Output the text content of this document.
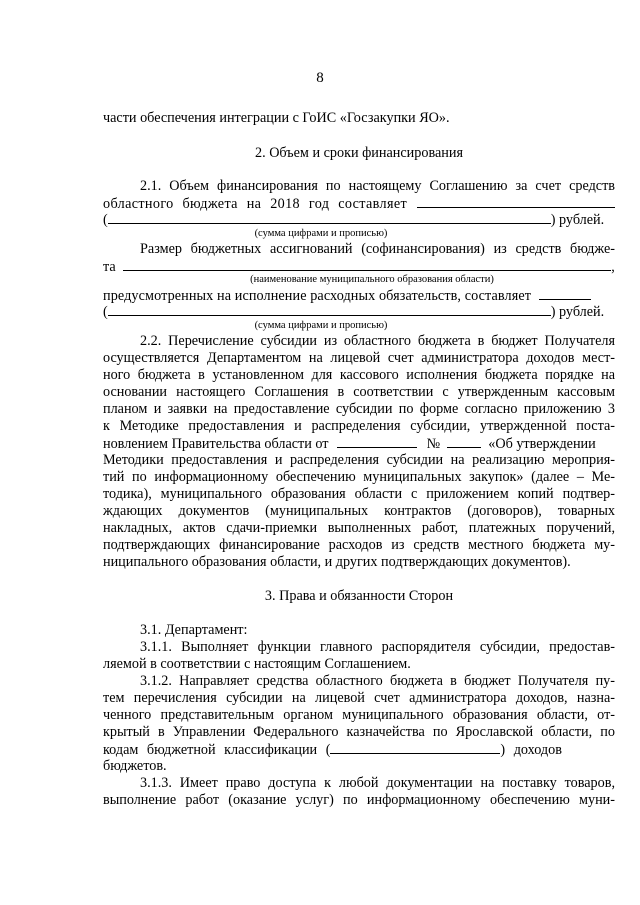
8
части обеспечения интеграции с ГоИС «Госзакупки ЯО».
2. Объем и сроки финансирования
2.1. Объем финансирования по настоящему Соглашению за счет средств
областного бюджета на 2018 год составляет
(	) рублей.
(сумма цифрами и прописью)
Размер бюджетных ассигнований (софинансирования) из средств бюдже-
та	,
(наименование муниципального образования области)
предусмотренных на исполнение расходных обязательств, составляет
(	) рублей.
(сумма цифрами и прописью)
2.2. Перечисление субсидии из областного бюджета в бюджет Получателя
осуществляется Департаментом на лицевой счет администратора доходов мест-
ного бюджета в установленном для кассового исполнения бюджета порядке на
основании настоящего Соглашения в соответствии с утвержденным кассовым
планом и заявки на предоставление субсидии по форме согласно приложению 3
к Методике предоставления и распределения субсидии, утвержденной поста-
новлением Правительства области от	№	«Об утверждении
Методики предоставления и распределения субсидии на реализацию мероприя-
тий по информационному обеспечению муниципальных закупок» (далее – Ме-
тодика), муниципального образования области с приложением копий подтвер-
ждающих документов (муниципальных контрактов (договоров), товарных
накладных, актов сдачи-приемки выполненных работ, платежных поручений,
подтверждающих финансирование расходов из средств местного бюджета му-
ниципального образования области, и других подтверждающих документов).
3. Права и обязанности Сторон
3.1. Департамент:
3.1.1. Выполняет функции главного распорядителя субсидии, предостав-
ляемой в соответствии с настоящим Соглашением.
3.1.2. Направляет средства областного бюджета в бюджет Получателя пу-
тем перечисления субсидии на лицевой счет администратора доходов, назна-
ченного представительным органом муниципального образования области, от-
крытый в Управлении Федерального казначейства по Ярославской области, по
кодам бюджетной классификации (	) доходов
бюджетов.
3.1.3. Имеет право доступа к любой документации на поставку товаров,
выполнение работ (оказание услуг) по информационному обеспечению муни-
